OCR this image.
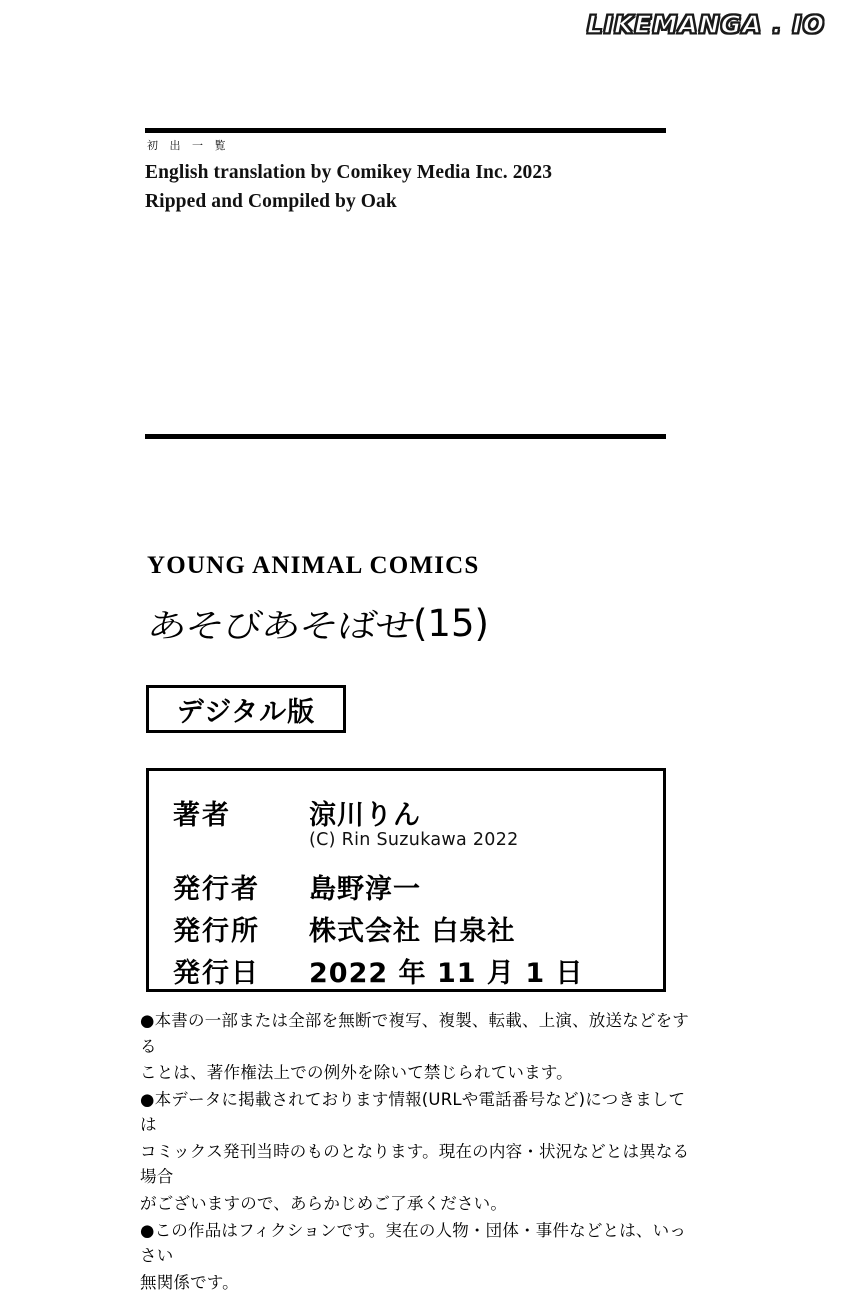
LIKEMANGA . IO
初 出 一 覧
English translation by Comikey Media Inc. 2023
Ripped and Compiled by Oak
YOUNG ANIMAL COMICS
あそびあそばせ
(15)
デジタル版
著者	涼川りん
(C) Rin Suzukawa 2022
発行者	島野淳一
発行所	株式会社 白泉社
発行日	2022 年 11 月 1 日

●本書の一部または全部を無断で複写、複製、転載、上演、放送などをする

ことは、著作権法上での例外を除いて禁じられています。

●本データに掲載されております情報(URLや電話番号など)につきましては

コミックス発刊当時のものとなります。現在の内容・状況などとは異なる場合

がございますので、あらかじめご了承ください。

●この作品はフィクションです。実在の人物・団体・事件などとは、いっさい

無関係です。
